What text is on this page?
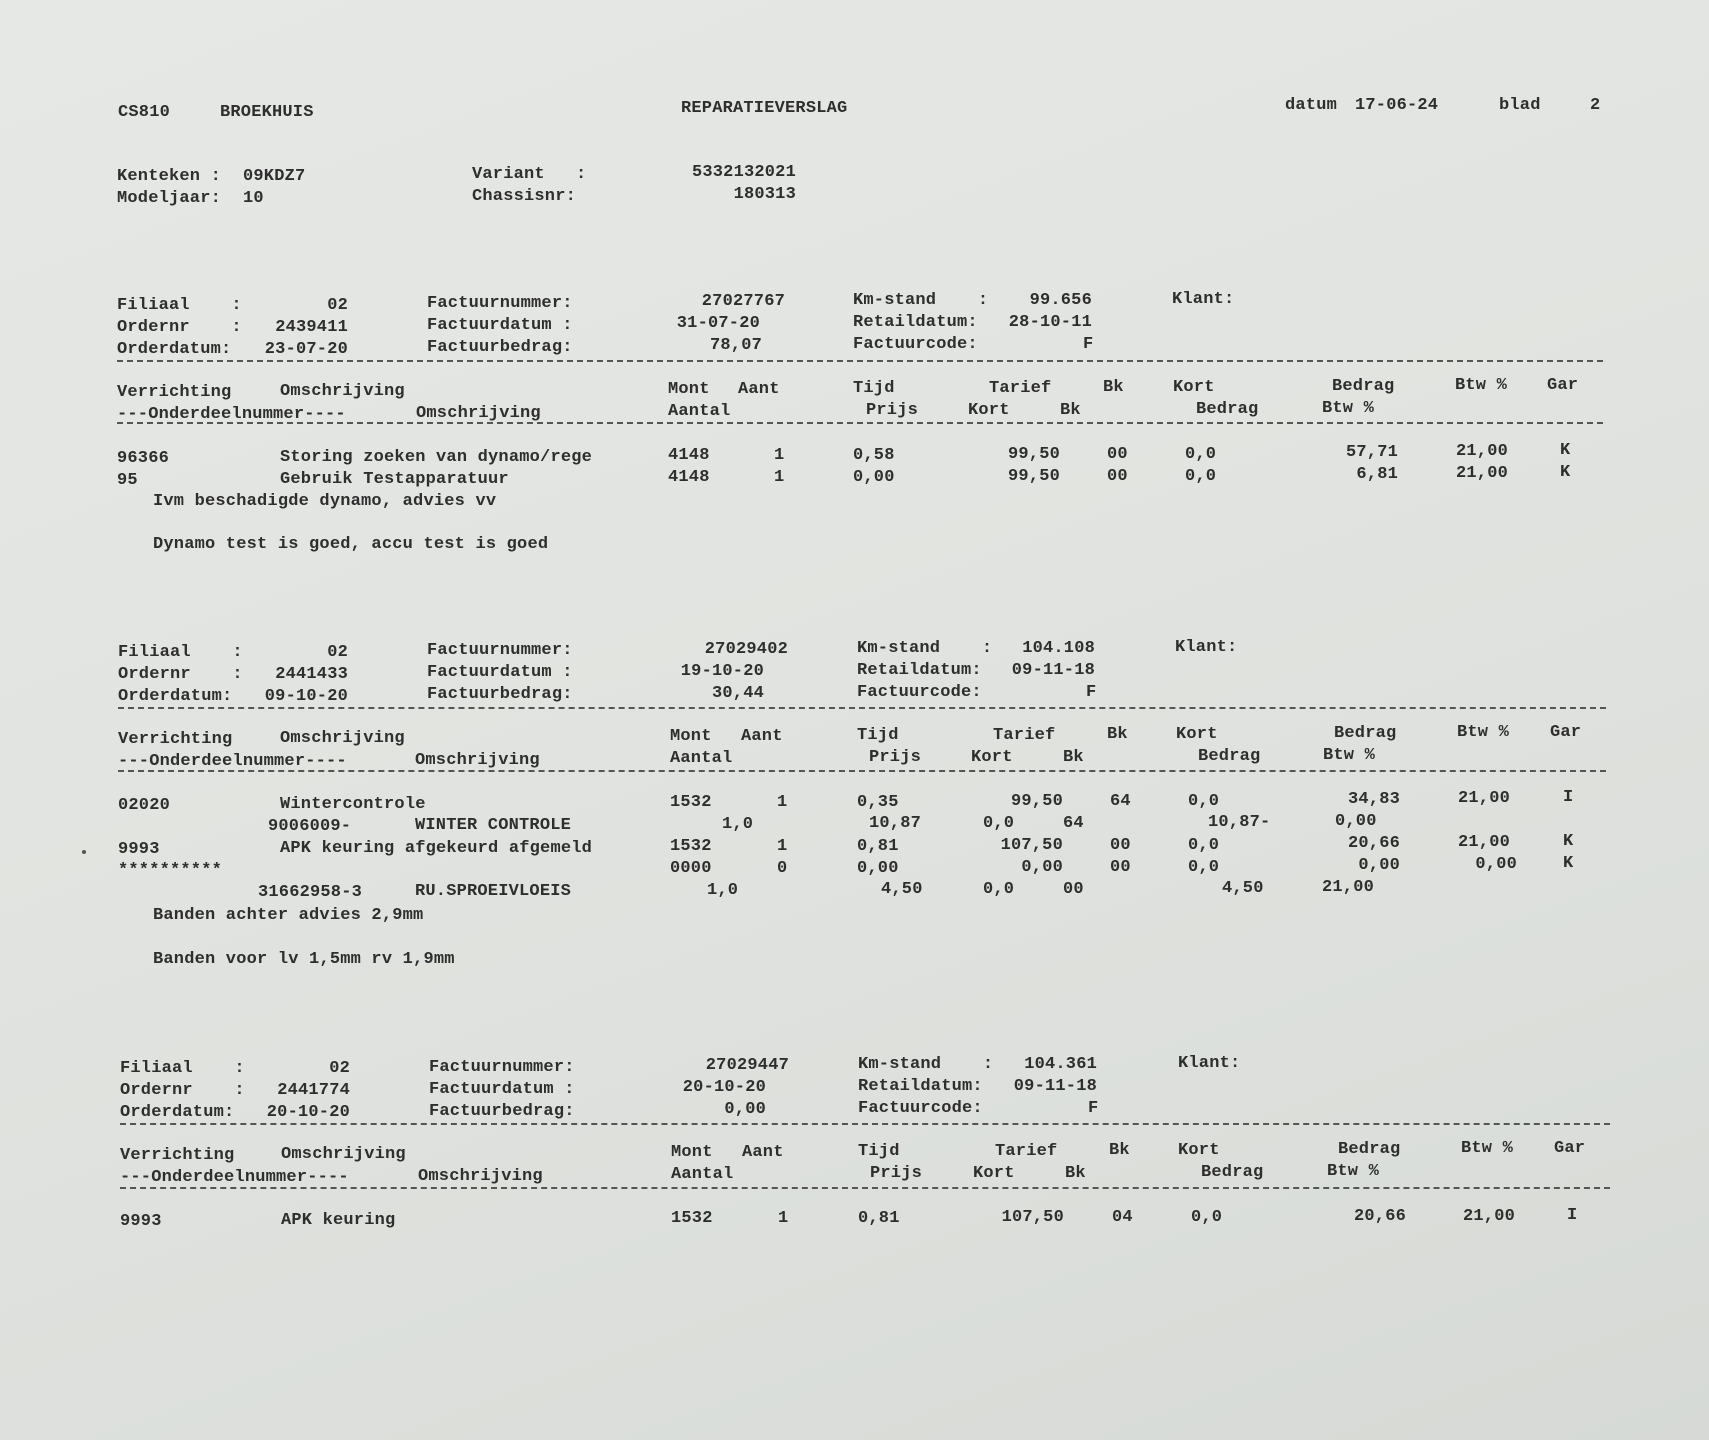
CS810	BROEKHUIS	REPARATIEVERSLAG	datum 17-06-24	blad	2
Kenteken : 09KDZ7
Modeljaar: 10
Variant   :	5332132021
Chassisnr:	180313
Filiaal    :	02
Ordernr    :	2439411
Orderdatum:	23-07-20
Factuurnummer:	27027767
Factuurdatum :	31-07-20
Factuurbedrag:	78,07
Km-stand    :	99.656
Retaildatum:	28-10-11
Factuurcode:	F
Klant:
Verrichting	Omschrijving	Mont Aant	Tijd	Tarief	Bk	Kort	Bedrag	Btw % Gar
---Onderdeelnummer----	Omschrijving	Aantal	Prijs	Kort	Bk	Bedrag	Btw %
96366	Storing zoeken van dynamo/rege	4148	1	0,58	99,50	00	0,0	57,71	21,00	K
95	Gebruik Testapparatuur	4148	1	0,00	99,50	00	0,0	6,81	21,00	K
Ivm beschadigde dynamo, advies vv
Dynamo test is goed, accu test is goed
Filiaal    :	02
Ordernr    :	2441433
Orderdatum:	09-10-20
Factuurnummer:	27029402
Factuurdatum :	19-10-20
Factuurbedrag:	30,44
Km-stand    :	104.108
Retaildatum:	09-11-18
Factuurcode:	F
Klant:
Verrichting	Omschrijving	Mont Aant	Tijd	Tarief	Bk	Kort	Bedrag	Btw % Gar
---Onderdeelnummer----	Omschrijving	Aantal	Prijs	Kort	Bk	Bedrag	Btw %
02020	Wintercontrole	1532	1	0,35	99,50	64	0,0	34,83	21,00	I
9006009-	WINTER CONTROLE	1,0	10,87	0,0	64	10,87-	0,00
9993	APK keuring afgekeurd afgemeld	1532	1	0,81	107,50	00	0,0	20,66	21,00	K
**********	0000	0	0,00	0,00	00	0,0	0,00	0,00	K
31662958-3	RU.SPROEIVLOEIS	1,0	4,50	0,0	00	4,50	21,00
Banden achter advies 2,9mm
Banden voor lv 1,5mm rv 1,9mm
Filiaal    :	02
Ordernr    :	2441774
Orderdatum:	20-10-20
Factuurnummer:	27029447
Factuurdatum :	20-10-20
Factuurbedrag:	0,00
Km-stand    :	104.361
Retaildatum:	09-11-18
Factuurcode:	F
Klant:
Verrichting	Omschrijving	Mont Aant	Tijd	Tarief	Bk	Kort	Bedrag	Btw % Gar
---Onderdeelnummer----	Omschrijving	Aantal	Prijs	Kort	Bk	Bedrag	Btw %
9993	APK keuring	1532	1	0,81	107,50	04	0,0	20,66	21,00	I
